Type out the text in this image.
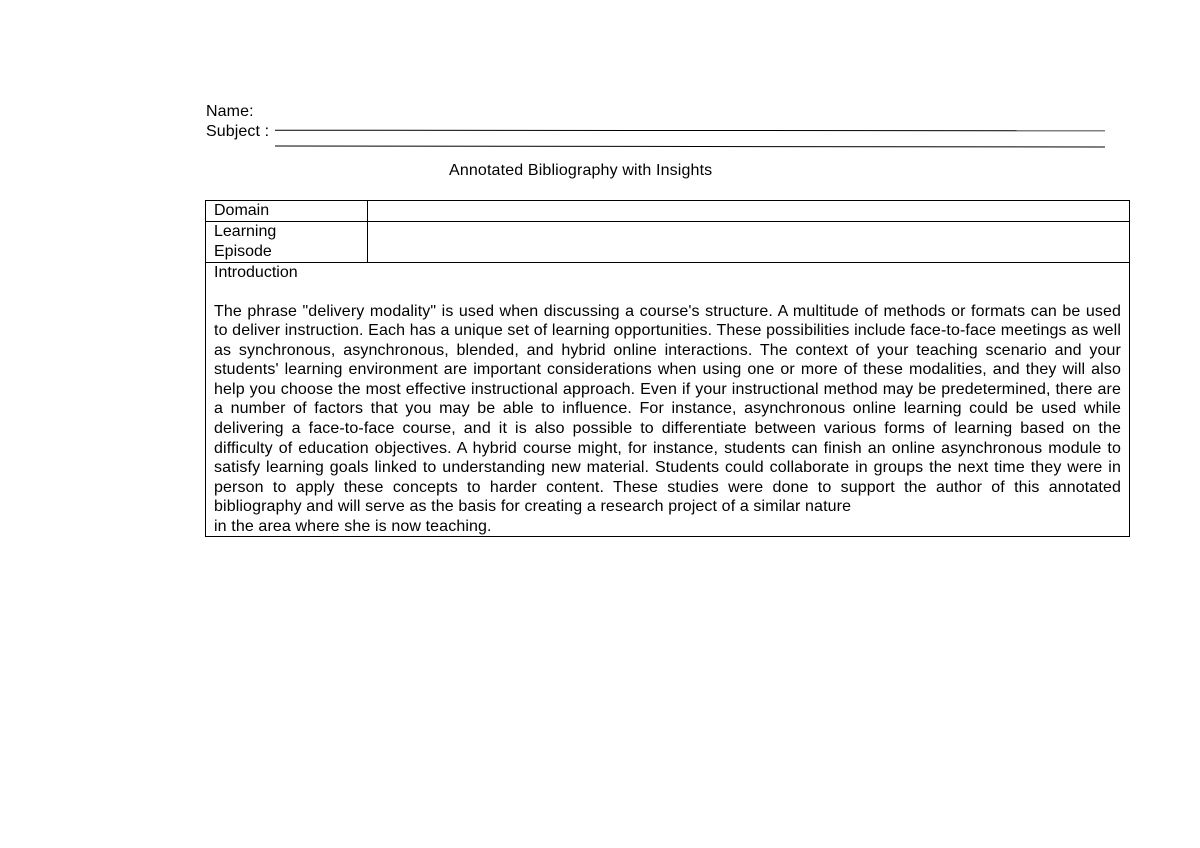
Name:
Subject :
Annotated Bibliography with Insights
Domain	

Learning
Episode	

Introduction
The phrase "delivery modality" is used when discussing a course's structure. A multitude of methods or formats can be used to deliver instruction. Each has a unique set of learning opportunities. These possibilities include face-to-face meetings as well as synchronous, asynchronous, blended, and hybrid online interactions. The context of your teaching scenario and your students' learning environment are important considerations when using one or more of these modalities, and they will also help you choose the most effective instructional approach. Even if your instructional method may be predetermined, there are a number of factors that you may be able to influence. For instance, asynchronous online learning could be used while delivering a face-to-face course, and it is also possible to differentiate between various forms of learning based on the difficulty of education objectives. A hybrid course might, for instance, students can finish an online asynchronous module to satisfy learning goals linked to understanding new material. Students could collaborate in groups the next time they were in person to apply these concepts to harder content. These studies were done to support the author of this annotated bibliography and will serve as the basis for creating a research project of a similar nature
in the area where she is now teaching.	
